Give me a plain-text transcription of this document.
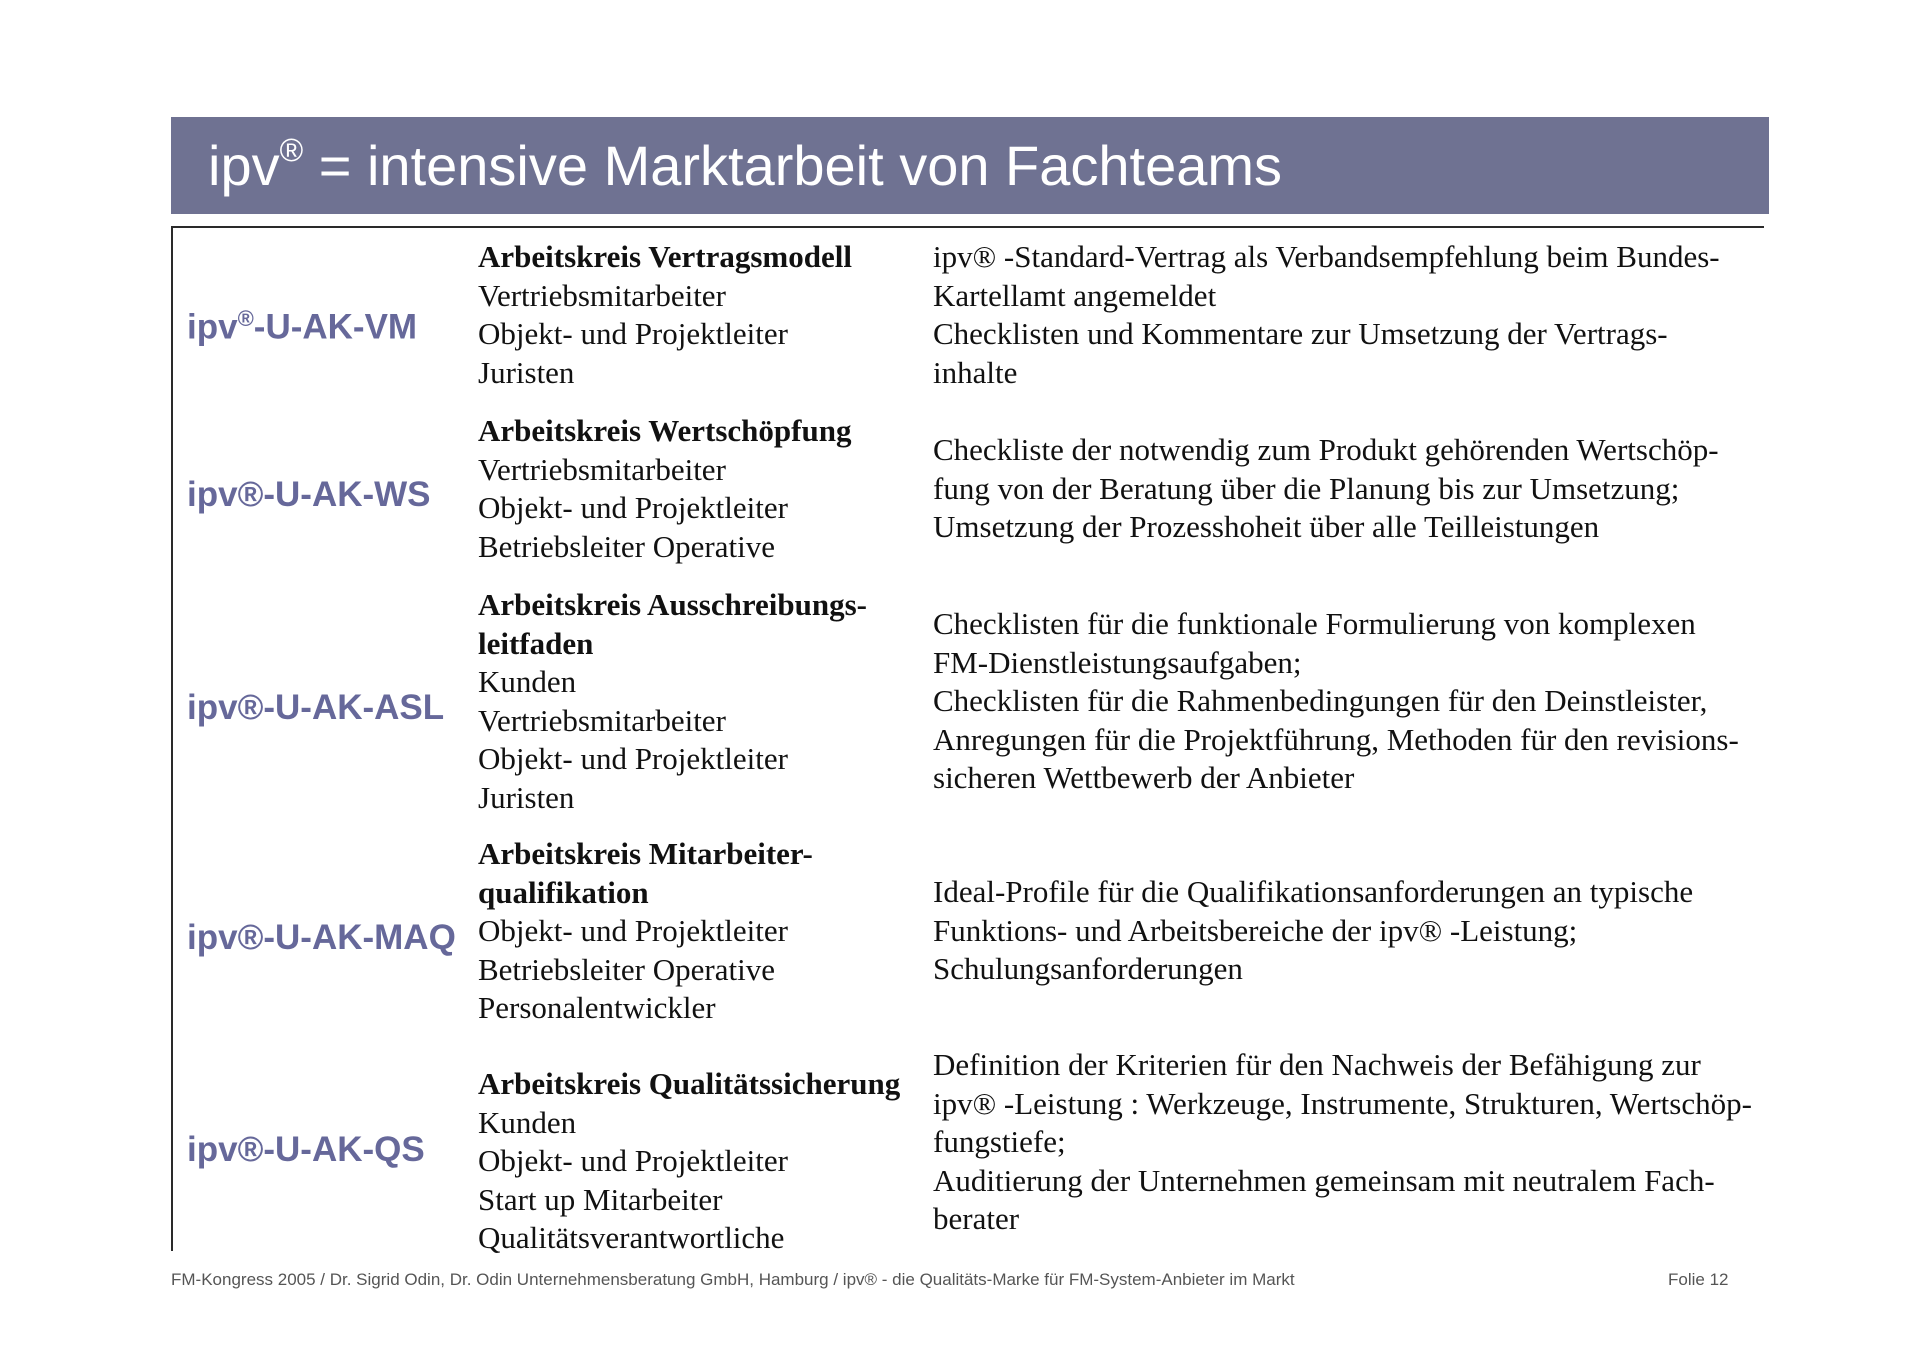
ipv® = intensive Marktarbeit von Fachteams
ipv®-U-AK-VM
Arbeitskreis Vertragsmodell
Vertriebsmitarbeiter
Objekt- und Projektleiter
Juristen
ipv® -Standard-Vertrag als Verbandsempfehlung beim Bundes-
Kartellamt angemeldet
Checklisten und Kommentare zur Umsetzung der Vertrags-
inhalte
ipv®-U-AK-WS
Arbeitskreis Wertschöpfung
Vertriebsmitarbeiter
Objekt- und Projektleiter
Betriebsleiter Operative
Checkliste der notwendig zum Produkt gehörenden Wertschöp-
fung von der Beratung über die Planung bis zur Umsetzung;
Umsetzung der Prozesshoheit über alle Teilleistungen
ipv®-U-AK-ASL
Arbeitskreis Ausschreibungs-
leitfaden
Kunden
Vertriebsmitarbeiter
Objekt- und Projektleiter
Juristen
Checklisten für die funktionale Formulierung von komplexen
FM-Dienstleistungsaufgaben;
Checklisten für die Rahmenbedingungen für den Deinstleister,
Anregungen für die Projektführung, Methoden für den revisions-
sicheren Wettbewerb der Anbieter
ipv®-U-AK-MAQ
Arbeitskreis Mitarbeiter-
qualifikation
Objekt- und Projektleiter
Betriebsleiter Operative
Personalentwickler
Ideal-Profile für die Qualifikationsanforderungen an typische
Funktions- und Arbeitsbereiche der ipv® -Leistung;
Schulungsanforderungen
ipv®-U-AK-QS
Arbeitskreis Qualitätssicherung
Kunden
Objekt- und Projektleiter
Start up Mitarbeiter
Qualitätsverantwortliche
Definition der Kriterien für den Nachweis der Befähigung zur
ipv® -Leistung : Werkzeuge, Instrumente, Strukturen, Wertschöp-
fungstiefe;
Auditierung der Unternehmen gemeinsam mit neutralem Fach-
berater
FM-Kongress 2005 / Dr. Sigrid Odin, Dr. Odin Unternehmensberatung GmbH, Hamburg / ipv® - die Qualitäts-Marke für FM-System-Anbieter im Markt	Folie 12
